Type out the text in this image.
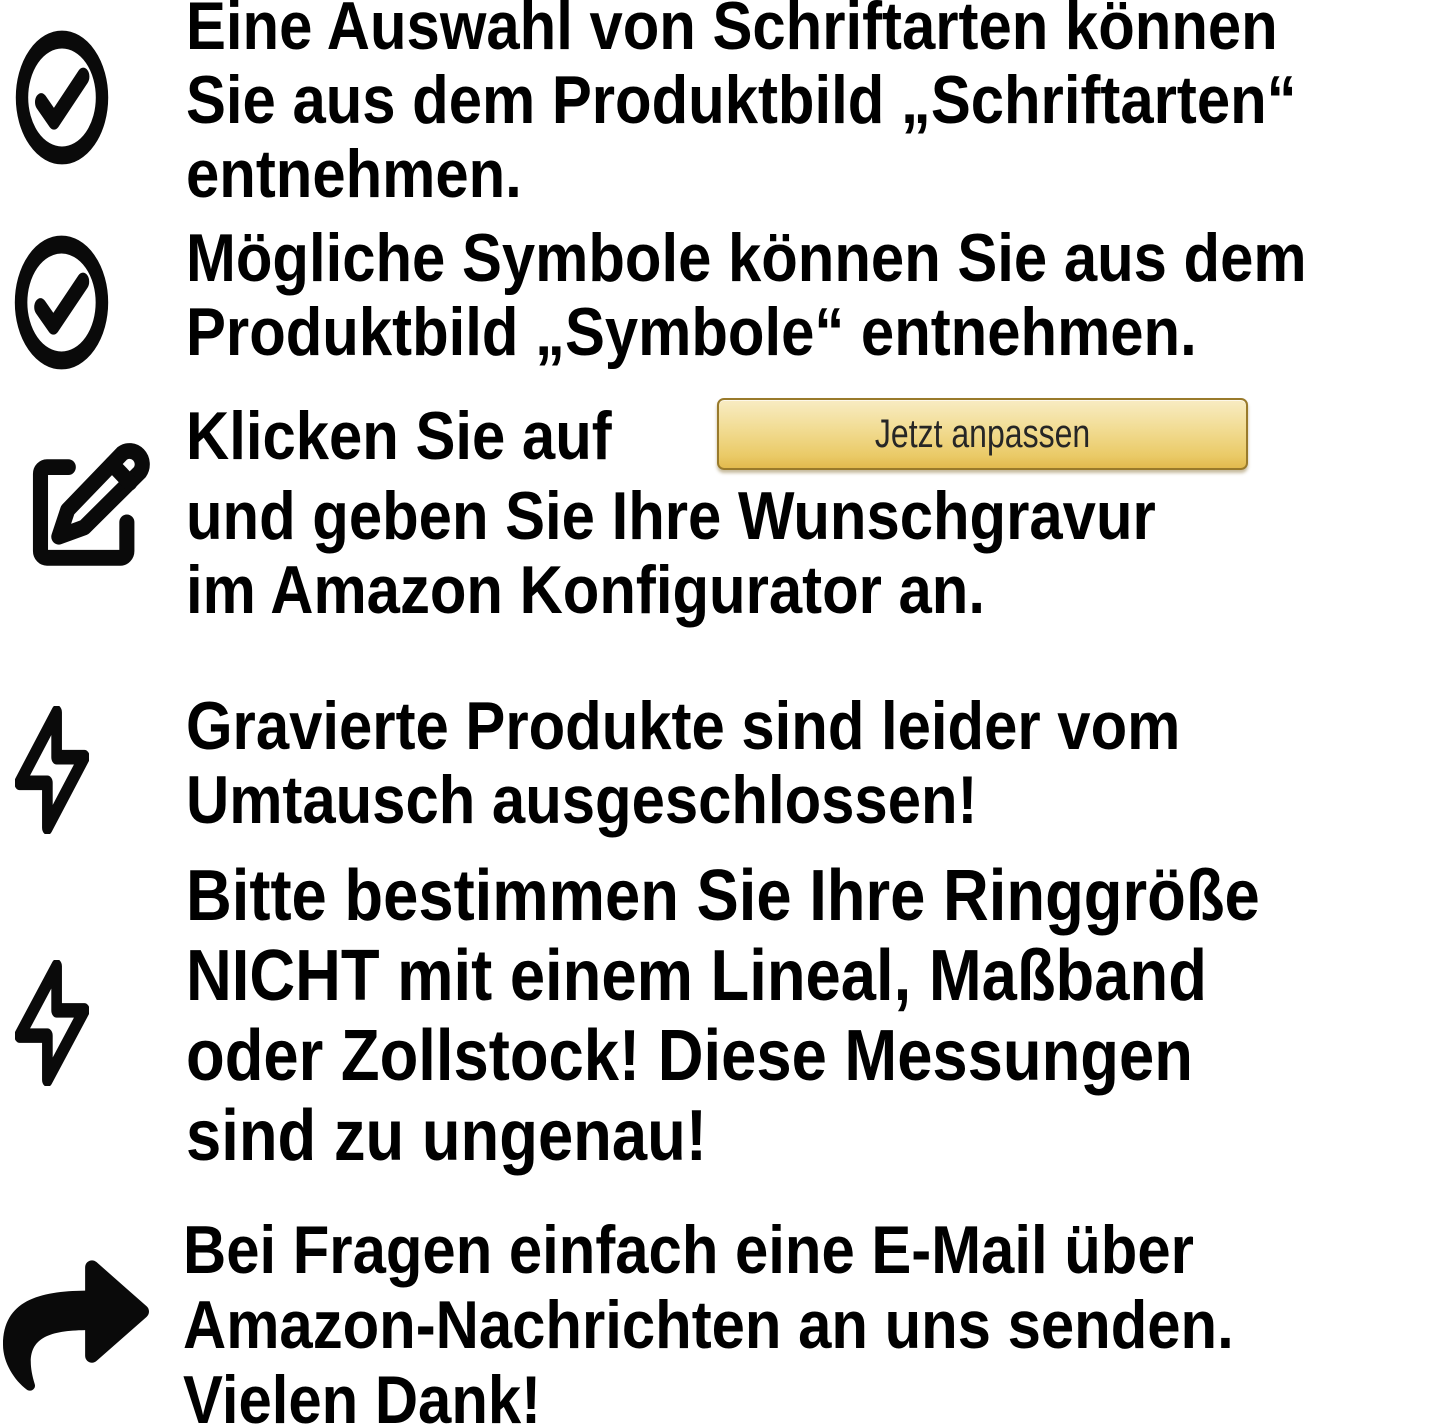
Eine Auswahl von Schriftarten können
Sie aus dem Produktbild „Schriftarten“
entnehmen.
Mögliche Symbole können Sie aus dem
Produktbild „Symbole“ entnehmen.
Klicken Sie auf	Jetzt anpassen
und geben Sie Ihre Wunschgravur
im Amazon Konfigurator an.
Gravierte Produkte sind leider vom
Umtausch ausgeschlossen!
Bitte bestimmen Sie Ihre Ringgröße
NICHT mit einem Lineal, Maßband
oder Zollstock! Diese Messungen
sind zu ungenau!
Bei Fragen einfach eine E-Mail über
Amazon-Nachrichten an uns senden.
Vielen Dank!
